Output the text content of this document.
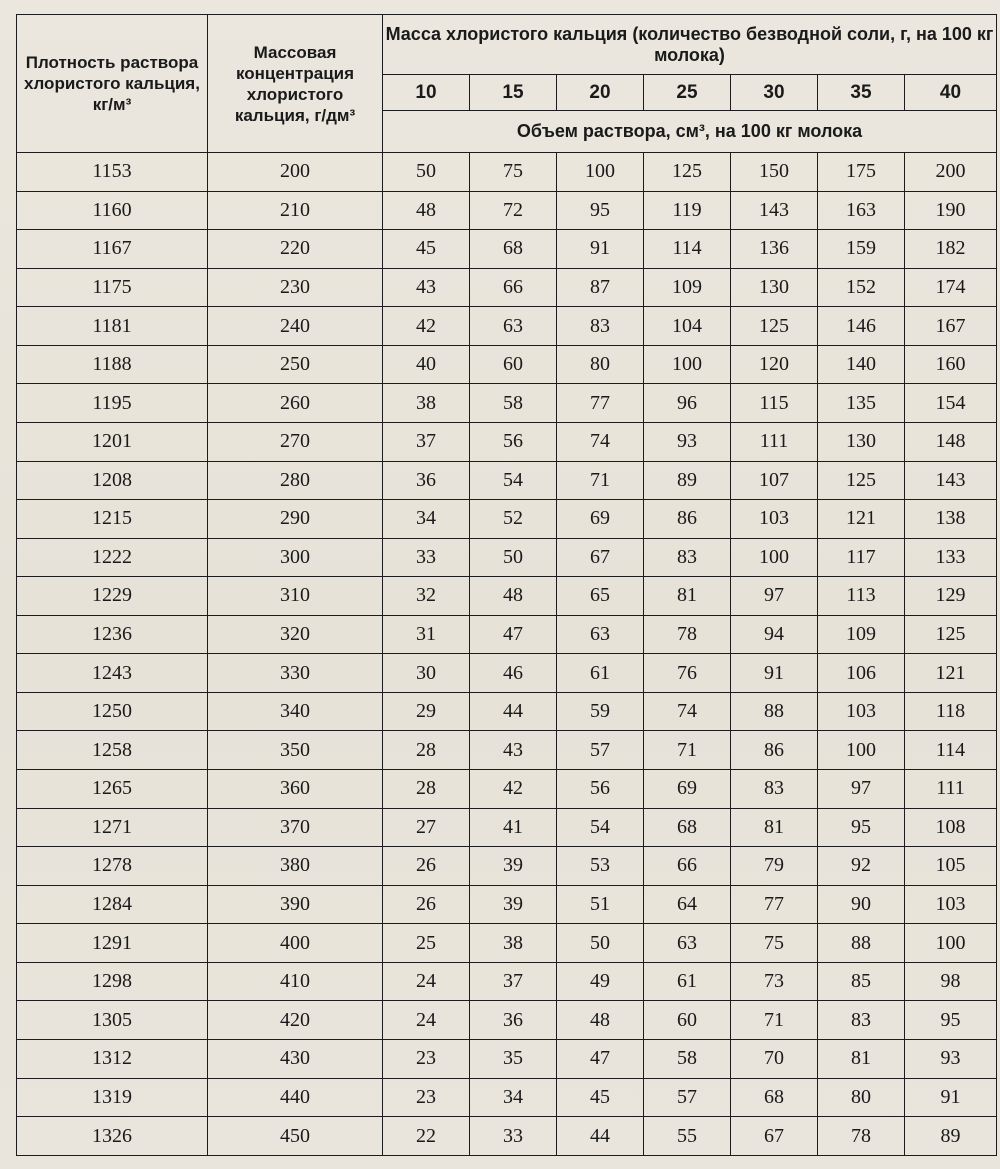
Плотность раствора хлористого кальция, кг/м³	Массовая концентрация хлористого кальция, г/дм³	Масса хлористого кальция (количество безводной соли, г, на 100 кг молока)						
		10	15	20	25	30	35	40
		Объем раствора, см³, на 100 кг молока						
1153	200	50	75	100	125	150	175	200
1160	210	48	72	95	119	143	163	190
1167	220	45	68	91	114	136	159	182
1175	230	43	66	87	109	130	152	174
1181	240	42	63	83	104	125	146	167
1188	250	40	60	80	100	120	140	160
1195	260	38	58	77	96	115	135	154
1201	270	37	56	74	93	111	130	148
1208	280	36	54	71	89	107	125	143
1215	290	34	52	69	86	103	121	138
1222	300	33	50	67	83	100	117	133
1229	310	32	48	65	81	97	113	129
1236	320	31	47	63	78	94	109	125
1243	330	30	46	61	76	91	106	121
1250	340	29	44	59	74	88	103	118
1258	350	28	43	57	71	86	100	114
1265	360	28	42	56	69	83	97	111
1271	370	27	41	54	68	81	95	108
1278	380	26	39	53	66	79	92	105
1284	390	26	39	51	64	77	90	103
1291	400	25	38	50	63	75	88	100
1298	410	24	37	49	61	73	85	98
1305	420	24	36	48	60	71	83	95
1312	430	23	35	47	58	70	81	93
1319	440	23	34	45	57	68	80	91
1326	450	22	33	44	55	67	78	89
